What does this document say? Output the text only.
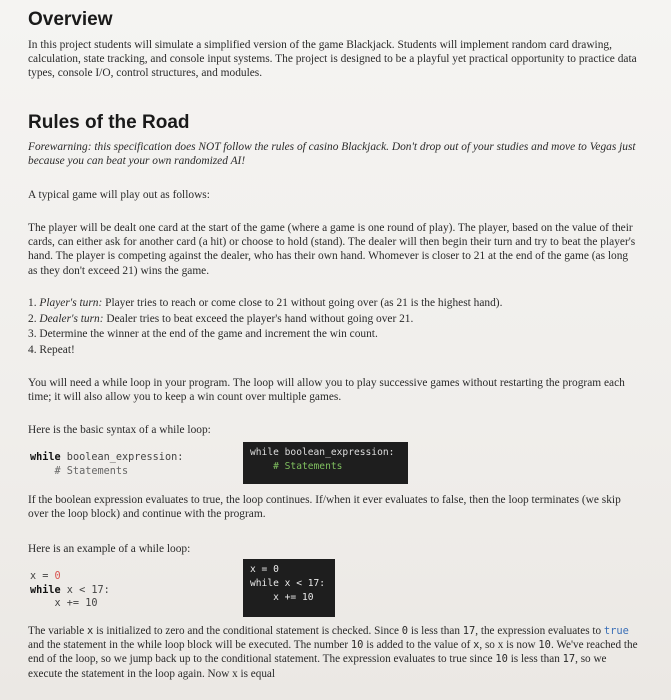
Overview
In this project students will simulate a simplified version of the game Blackjack. Students will implement random card drawing, calculation, state tracking, and console input systems. The project is designed to be a playful yet practical opportunity to practice data types, console I/O, control structures, and modules.
Rules of the Road
Forewarning: this specification does NOT follow the rules of casino Blackjack. Don't drop out of your studies and move to Vegas just because you can beat your own randomized AI!
A typical game will play out as follows:
The player will be dealt one card at the start of the game (where a game is one round of play). The player, based on the value of their cards, can either ask for another card (a hit) or choose to hold (stand). The dealer will then begin their turn and try to beat the player's hand. The player is competing against the dealer, who has their own hand. Whomever is closer to 21 at the end of the game (as long as they don't exceed 21) wins the game.
1. Player's turn: Player tries to reach or come close to 21 without going over (as 21 is the highest hand).
2. Dealer's turn: Dealer tries to beat exceed the player's hand without going over 21.
3. Determine the winner at the end of the game and increment the win count.
4. Repeat!
You will need a while loop in your program. The loop will allow you to play successive games without restarting the program each time; it will also allow you to keep a win count over multiple games.
Here is the basic syntax of a while loop:
while boolean_expression:
# Statements
while boolean_expression:
# Statements
If the boolean expression evaluates to true, the loop continues. If/when it ever evaluates to false, then the loop terminates (we skip over the loop block) and continue with the program.
Here is an example of a while loop:
x = 0
while x < 17:
x += 10
x = 0
while x < 17:
x += 10
The variable x is initialized to zero and the conditional statement is checked. Since 0 is less than 17, the expression evaluates to true and the statement in the while loop block will be executed. The number 10 is added to the value of x, so x is now 10. We've reached the end of the loop, so we jump back up to the conditional statement. The expression evaluates to true since 10 is less than 17, so we execute the statement in the loop again. Now x is equal
